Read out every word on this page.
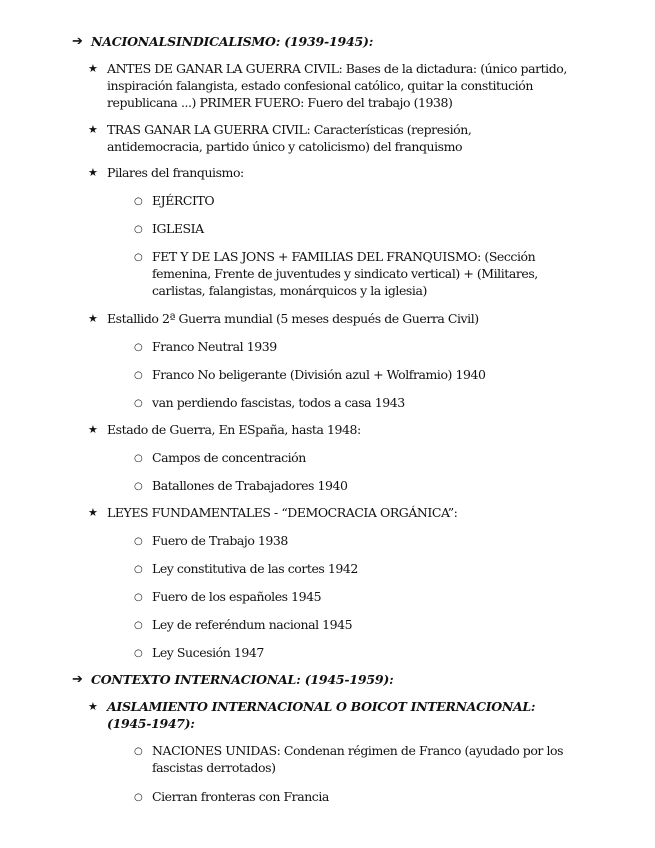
➔ NACIONALSINDICALISMO: (1939-1945):
★ ANTES DE GANAR LA GUERRA CIVIL: Bases de la dictadura: (único partido, inspiración falangista, estado confesional católico, quitar la constitución republicana ...) PRIMER FUERO: Fuero del trabajo (1938)
★ TRAS GANAR LA GUERRA CIVIL: Características (represión, antidemocracia, partido único y catolicismo) del franquismo
★ Pilares del franquismo:
○ EJÉRCITO
○ IGLESIA
○ FET Y DE LAS JONS + FAMILIAS DEL FRANQUISMO: (Sección femenina, Frente de juventudes y sindicato vertical) + (Militares, carlistas, falangistas, monárquicos y la iglesia)
★ Estallido 2ª Guerra mundial (5 meses después de Guerra Civil)
○ Franco Neutral 1939
○ Franco No beligerante (División azul + Wolframio) 1940
○ van perdiendo fascistas, todos a casa 1943
★ Estado de Guerra, En ESpaña, hasta 1948:
○ Campos de concentración
○ Batallones de Trabajadores 1940
★ LEYES FUNDAMENTALES - “DEMOCRACIA ORGÁNICA”:
○ Fuero de Trabajo 1938
○ Ley constitutiva de las cortes 1942
○ Fuero de los españoles 1945
○ Ley de referéndum nacional 1945
○ Ley Sucesión 1947
➔ CONTEXTO INTERNACIONAL: (1945-1959):
★ AISLAMIENTO INTERNACIONAL O BOICOT INTERNACIONAL: (1945-1947):
○ NACIONES UNIDAS: Condenan régimen de Franco (ayudado por los fascistas derrotados)
○ Cierran fronteras con Francia
